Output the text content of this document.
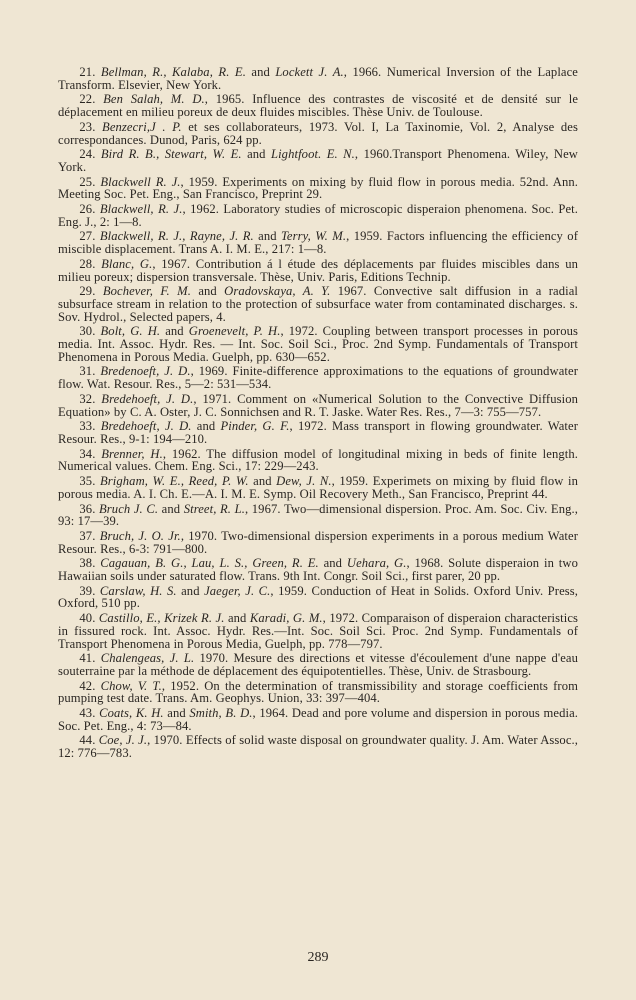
21. Bellman, R., Kalaba, R. E. and Lockett J. A., 1966. Numerical Inversion of the Laplace Transform. Elsevier, New York.

22. Ben Salah, M. D., 1965. Influence des contrastes de viscosité et de densité sur le déplacement en milieu poreux de deux fluides miscibles. Thèse Univ. de Toulouse.

23. Benzecri,J . P. et ses collaborateurs, 1973. Vol. I, La Taxinomie, Vol. 2, Analyse des correspondances. Dunod, Paris, 624 pp.

24. Bird R. B., Stewart, W. E. and Lightfoot. E. N., 1960.Transport Phenomena. Wiley, New York.

25. Blackwell R. J., 1959. Experiments on mixing by fluid flow in porous media. 52nd. Ann. Meeting Soc. Pet. Eng., San Francisco, Preprint 29.

26. Blackwell, R. J., 1962. Laboratory studies of microscopic disperaion phenomena. Soc. Pet. Eng. J., 2: 1—8.

27. Blackwell, R. J., Rayne, J. R. and Terry, W. M., 1959. Factors influencing the efficiency of miscible displacement. Trans A. I. M. E., 217: 1—8.

28. Blanc, G., 1967. Contribution á l étude des déplacements par fluides miscibles dans un milieu poreux; dispersion transversale. Thèse, Univ. Paris, Editions Technip.

29. Bochever, F. M. and Oradovskaya, A. Y. 1967. Convective salt diffusion in a radial subsurface stream in relation to the protection of subsurface water from contaminated discharges. s. Sov. Hydrol., Selected papers, 4.

30. Bolt, G. H. and Groenevelt, P. H., 1972. Coupling between transport processes in porous media. Int. Assoc. Hydr. Res. — Int. Soc. Soil Sci., Proc. 2nd Symp. Fundamentals of Transport Phenomena in Porous Media. Guelph, pp. 630—652.

31. Bredenoeft, J. D., 1969. Finite-difference approximations to the equations of groundwater flow. Wat. Resour. Res., 5—2: 531—534.

32. Bredehoeft, J. D., 1971. Comment on «Numerical Solution to the Convective Diffusion Equation» by C. A. Oster, J. C. Sonnichsen and R. T. Jaske. Water Res. Res., 7—3: 755—757.

33. Bredehoeft, J. D. and Pinder, G. F., 1972. Mass transport in flowing groundwater. Water Resour. Res., 9-1: 194—210.

34. Brenner, H., 1962. The diffusion model of longitudinal mixing in beds of finite length. Numerical values. Chem. Eng. Sci., 17: 229—243.

35. Brigham, W. E., Reed, P. W. and Dew, J. N., 1959. Experimets on mixing by fluid flow in porous media. A. I. Ch. E.—A. I. M. E. Symp. Oil Recovery Meth., San Francisco, Preprint 44.

36. Bruch J. C. and Street, R. L., 1967. Two—dimensional dispersion. Proc. Am. Soc. Civ. Eng., 93: 17—39.

37. Bruch, J. O. Jr., 1970. Two-dimensional dispersion experiments in a porous medium Water Resour. Res., 6-3: 791—800.

38. Cagauan, B. G., Lau, L. S., Green, R. E. and Uehara, G., 1968. Solute disperaion in two Hawaiian soils under saturated flow. Trans. 9th Int. Congr. Soil Sci., first parer, 20 pp.

39. Carslaw, H. S. and Jaeger, J. C., 1959. Conduction of Heat in Solids. Oxford Univ. Press, Oxford, 510 pp.

40. Castillo, E., Krizek R. J. and Karadi, G. M., 1972. Comparaison of disperaion characteristics in fissured rock. Int. Assoc. Hydr. Res.—Int. Soc. Soil Sci. Proc. 2nd Symp. Fundamentals of Transport Phenomena in Porous Media, Guelph, pp. 778—797.

41. Chalengeas, J. L. 1970. Mesure des directions et vitesse d'écoulement d'une nappe d'eau souterraine par la méthode de déplacement des équipotentielles. Thèse, Univ. de Strasbourg.

42. Chow, V. T., 1952. On the determination of transmissibility and storage coefficients from pumping test date. Trans. Am. Geophys. Union, 33: 397—404.

43. Coats, K. H. and Smith, B. D., 1964. Dead and pore volume and dispersion in porous media. Soc. Pet. Eng., 4: 73—84.

44. Coe, J. J., 1970. Effects of solid waste disposal on groundwater quality. J. Am. Water Assoc., 12: 776—783.

289
